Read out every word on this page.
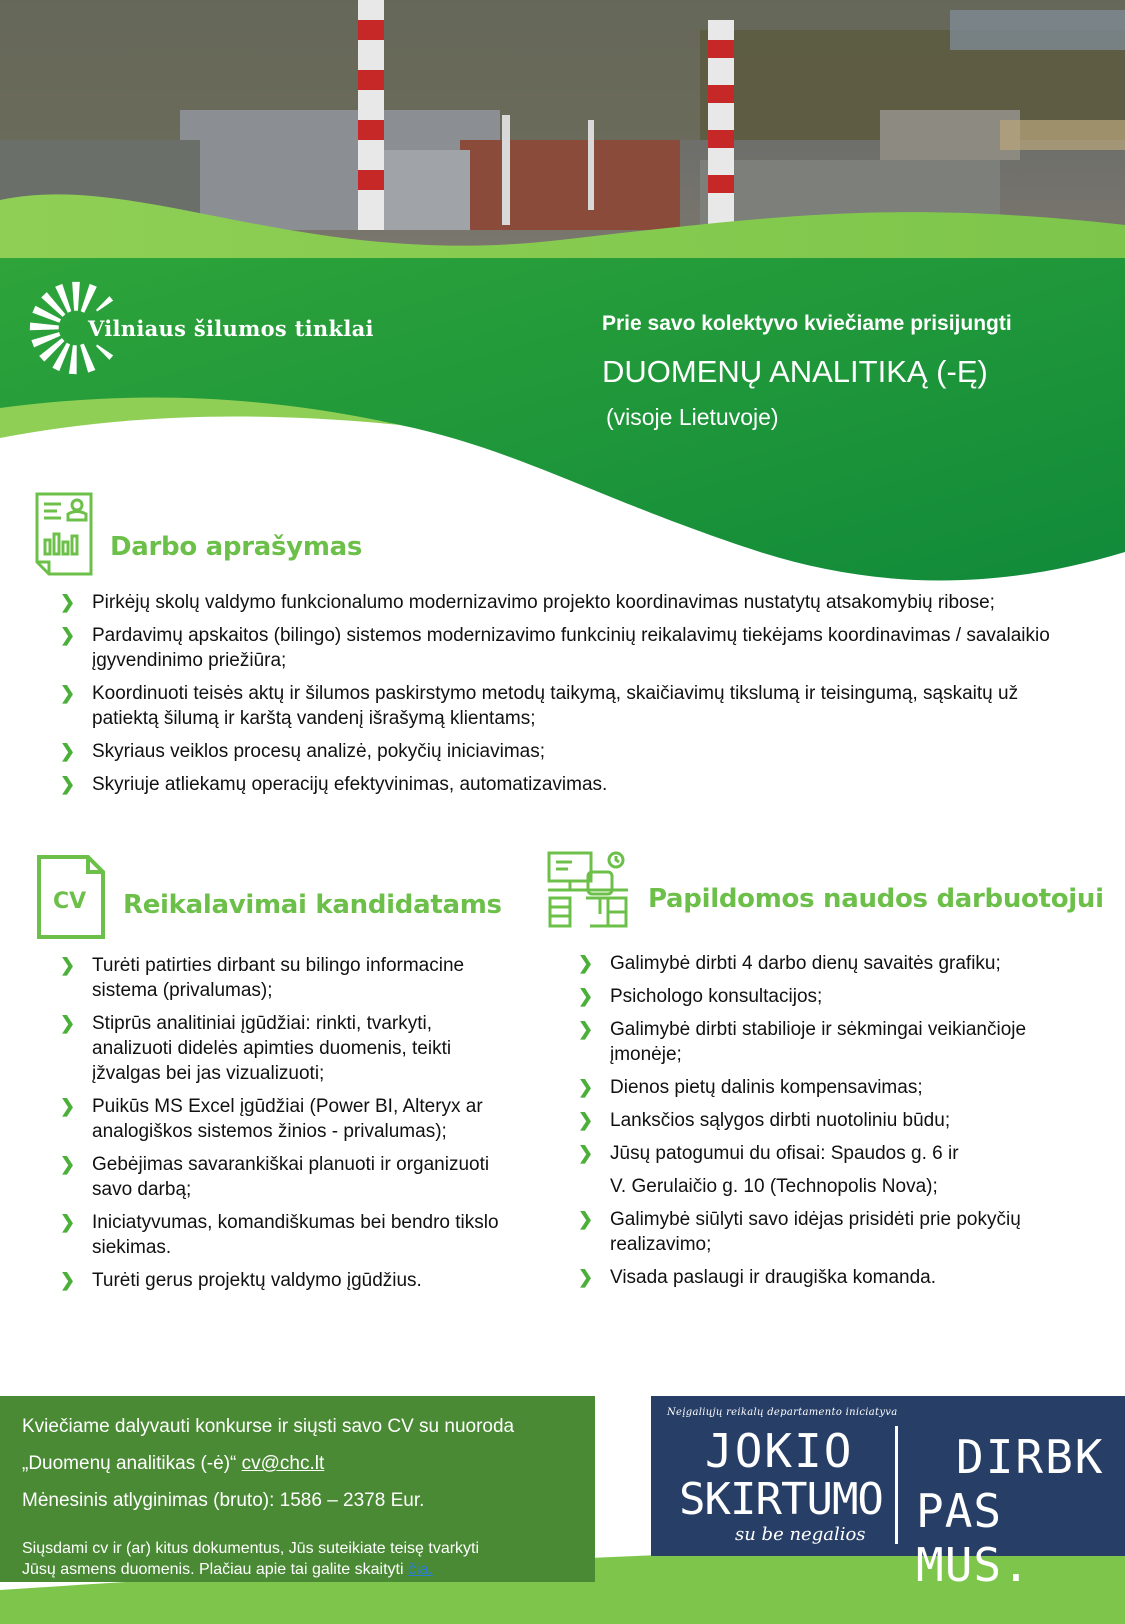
Vilniaus šilumos tinklai	Prie savo kolektyvo kviečiame prisijungti
DUOMENŲ ANALITIKĄ (-Ę)
(visoje Lietuvoje)
Darbo aprašymas
❯ Pirkėjų skolų valdymo funkcionalumo modernizavimo projekto koordinavimas nustatytų atsakomybių ribose;
❯ Pardavimų apskaitos (bilingo) sistemos modernizavimo funkcinių reikalavimų tiekėjams koordinavimas / savalaikio įgyvendinimo priežiūra;
❯ Koordinuoti teisės aktų ir šilumos paskirstymo metodų taikymą, skaičiavimų tikslumą ir teisingumą, sąskaitų už patiektą šilumą ir karštą vandenį išrašymą klientams;
❯ Skyriaus veiklos procesų analizė, pokyčių iniciavimas;
❯ Skyriuje atliekamų operacijų efektyvinimas, automatizavimas.
CV Reikalavimai kandidatams
❯ Turėti patirties dirbant su bilingo informacine sistema (privalumas);
❯ Stiprūs analitiniai įgūdžiai: rinkti, tvarkyti, analizuoti didelės apimties duomenis, teikti įžvalgas bei jas vizualizuoti;
❯ Puikūs MS Excel įgūdžiai (Power BI, Alteryx ar analogiškos sistemos žinios - privalumas);
❯ Gebėjimas savarankiškai planuoti ir organizuoti savo darbą;
❯ Iniciatyvumas, komandiškumas bei bendro tikslo siekimas.
❯ Turėti gerus projektų valdymo įgūdžius.
Papildomos naudos darbuotojui
❯ Galimybė dirbti 4 darbo dienų savaitės grafiku;
❯ Psichologo konsultacijos;
❯ Galimybė dirbti stabilioje ir sėkmingai veikiančioje įmonėje;
❯ Dienos pietų dalinis kompensavimas;
❯ Lanksčios sąlygos dirbti nuotoliniu būdu;
❯ Jūsų patogumui du ofisai: Spaudos g. 6 ir
V. Gerulaičio g. 10 (Technopolis Nova);
❯ Galimybė siūlyti savo idėjas prisidėti prie pokyčių realizavimo;
❯ Visada paslaugi ir draugiška komanda.
Kviečiame dalyvauti konkurse ir siųsti savo CV su nuoroda
„Duomenų analitikas (-ė)“ cv@chc.lt
Mėnesinis atlyginimas (bruto): 1586 – 2378 Eur.
Siųsdami cv ir (ar) kitus dokumentus, Jūs suteikiate teisę tvarkyti
Jūsų asmens duomenis. Plačiau apie tai galite skaityti čia.
Neįgaliųjų reikalų departamento iniciatyva
JOKIO
SKIRTUMO
su be negalios
DIRBK
PAS MUS.
